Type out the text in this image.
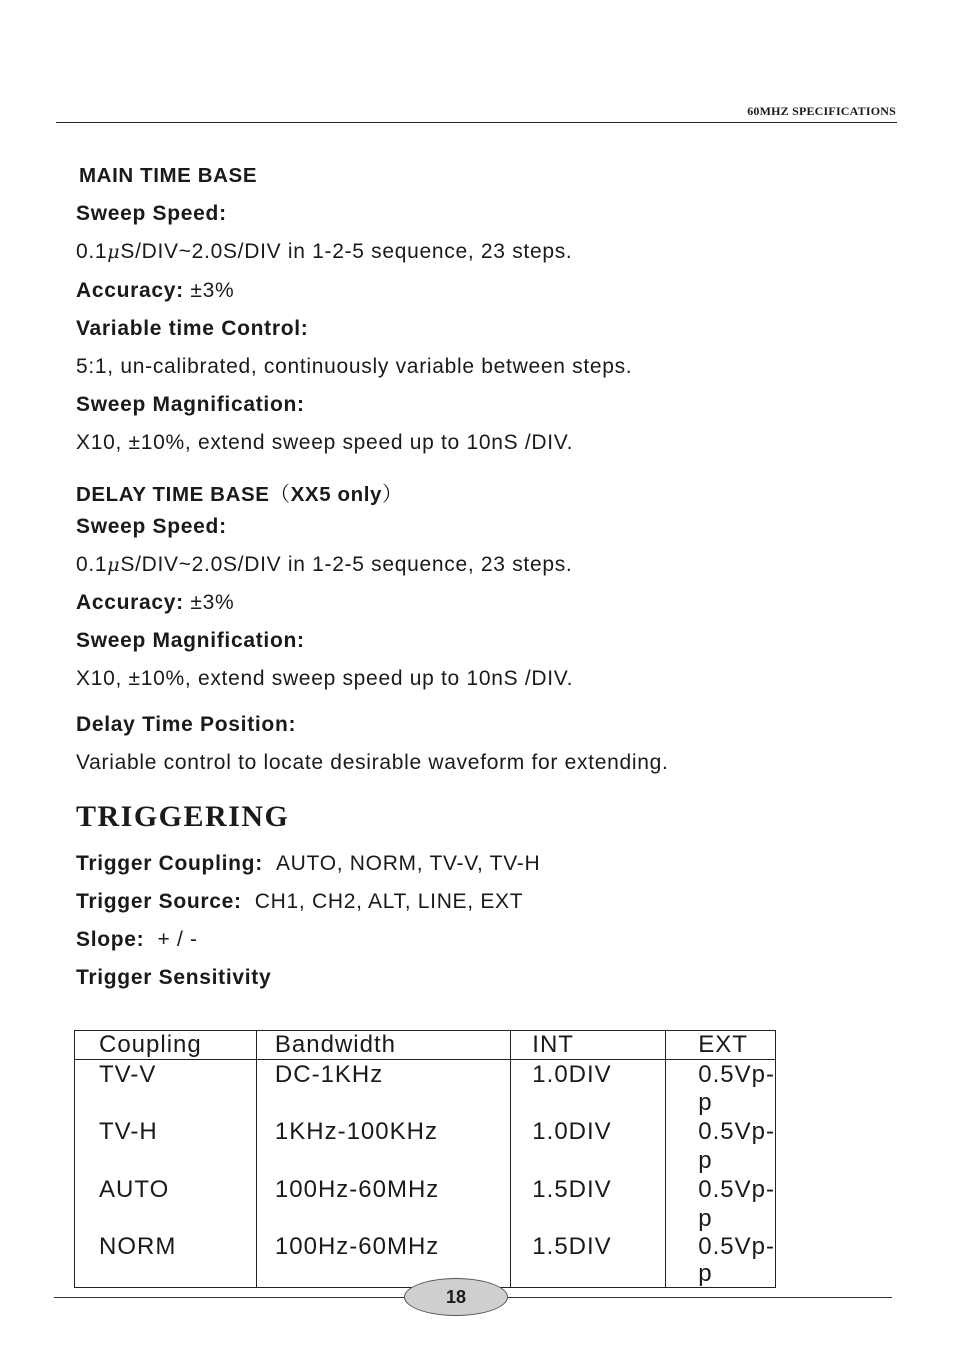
60MHZ SPECIFICATIONS
MAIN TIME BASE
Sweep Speed:
0.1μS/DIV~2.0S/DIV in 1-2-5 sequence, 23 steps.
Accuracy: ±3%
Variable time Control:
5:1, un-calibrated, continuously variable between steps.
Sweep Magnification:
X10, ±10%, extend sweep speed up to 10nS /DIV.
DELAY TIME BASE（XX5 only）
Sweep Speed:
0.1μS/DIV~2.0S/DIV in 1-2-5 sequence, 23 steps.
Accuracy: ±3%
Sweep Magnification:
X10, ±10%, extend sweep speed up to 10nS /DIV.
Delay Time Position:
Variable control to locate desirable waveform for extending.
TRIGGERING
Trigger Coupling: AUTO, NORM, TV-V, TV-H
Trigger Source: CH1, CH2, ALT, LINE, EXT
Slope: + / -
Trigger Sensitivity
Coupling	Bandwidth	INT	EXT
TV-V	DC-1KHz	1.0DIV	0.5Vp-p
TV-H	1KHz-100KHz	1.0DIV	0.5Vp-p
AUTO	100Hz-60MHz	1.5DIV	0.5Vp-p
NORM	100Hz-60MHz	1.5DIV	0.5Vp-p
18
